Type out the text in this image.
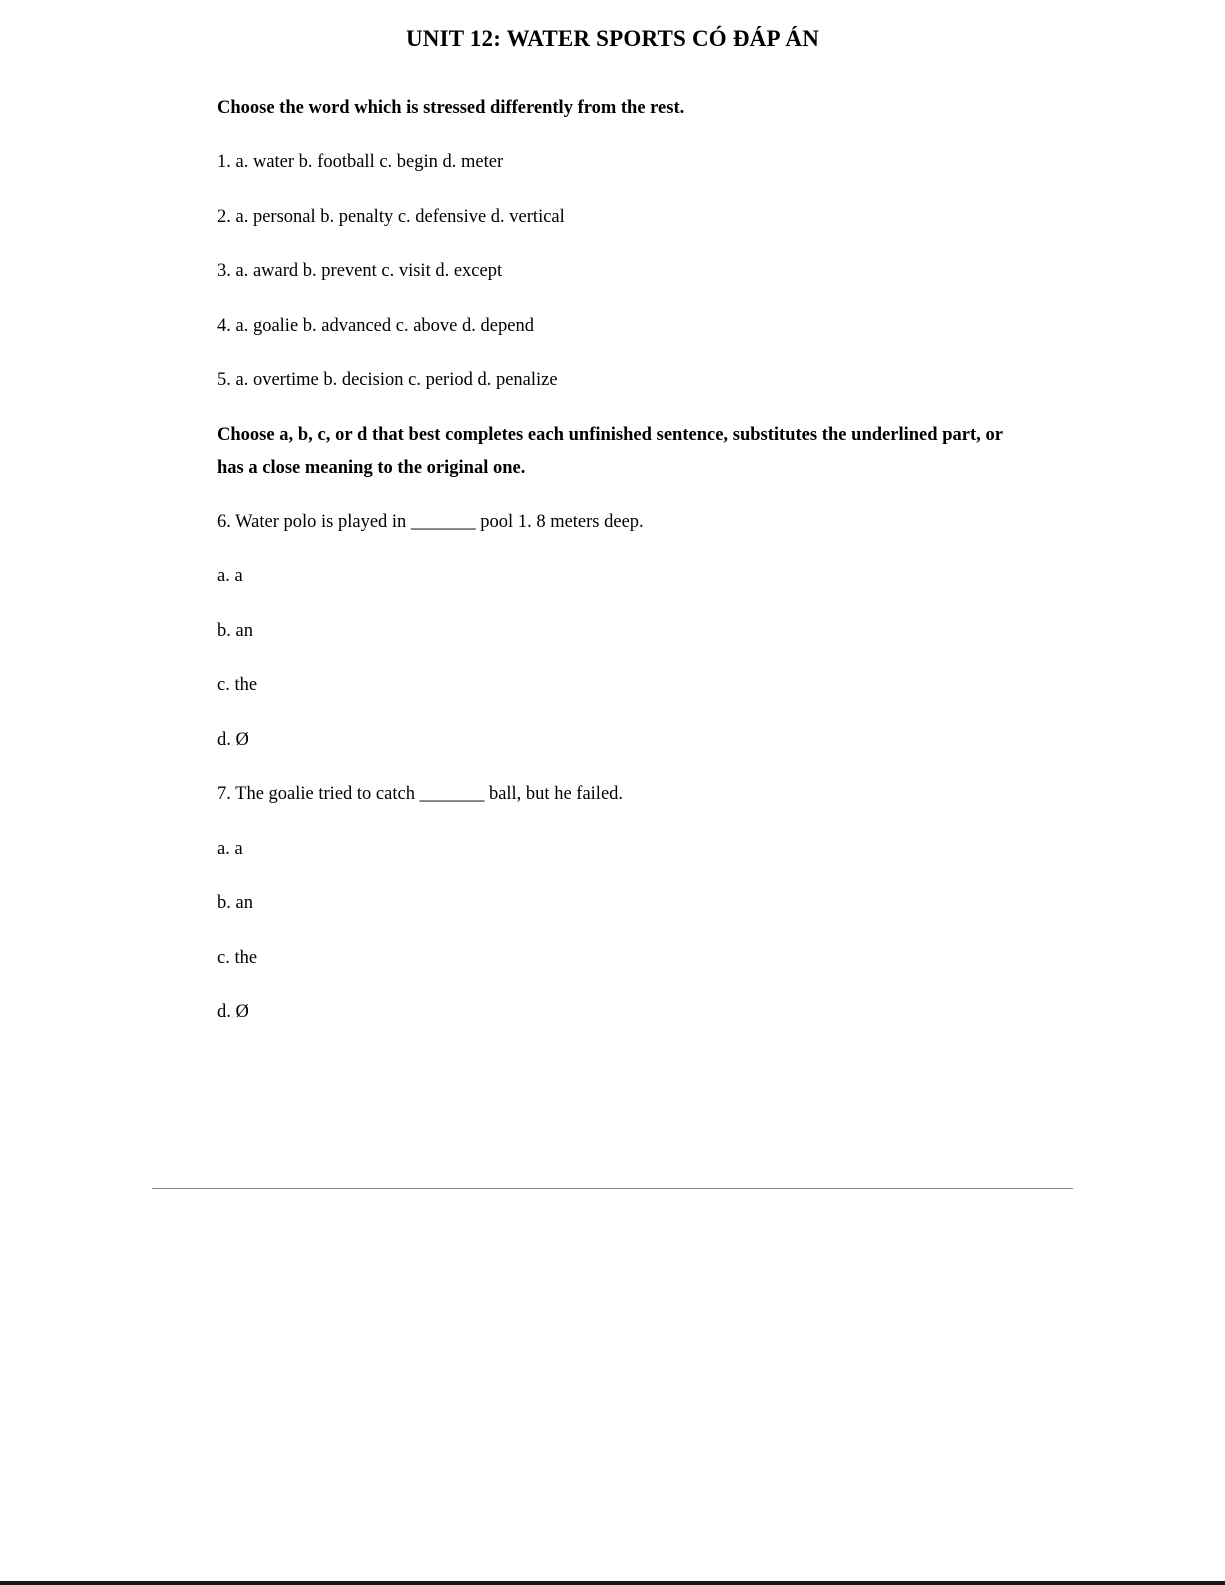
UNIT 12: WATER SPORTS CÓ ĐÁP ÁN

Choose the word which is stressed differently from the rest.

1. a. water b. football c. begin d. meter

2. a. personal b. penalty c. defensive d. vertical

3. a. award b. prevent c. visit d. except

4. a. goalie b. advanced c. above d. depend

5. a. overtime b. decision c. period d. penalize

Choose a, b, c, or d that best completes each unfinished sentence, substitutes the underlined part, or has a close meaning to the original one.

6. Water polo is played in _______ pool 1. 8 meters deep.

a. a

b. an

c. the

d. Ø

7. The goalie tried to catch _______ ball, but he failed.

a. a

b. an

c. the

d. Ø
